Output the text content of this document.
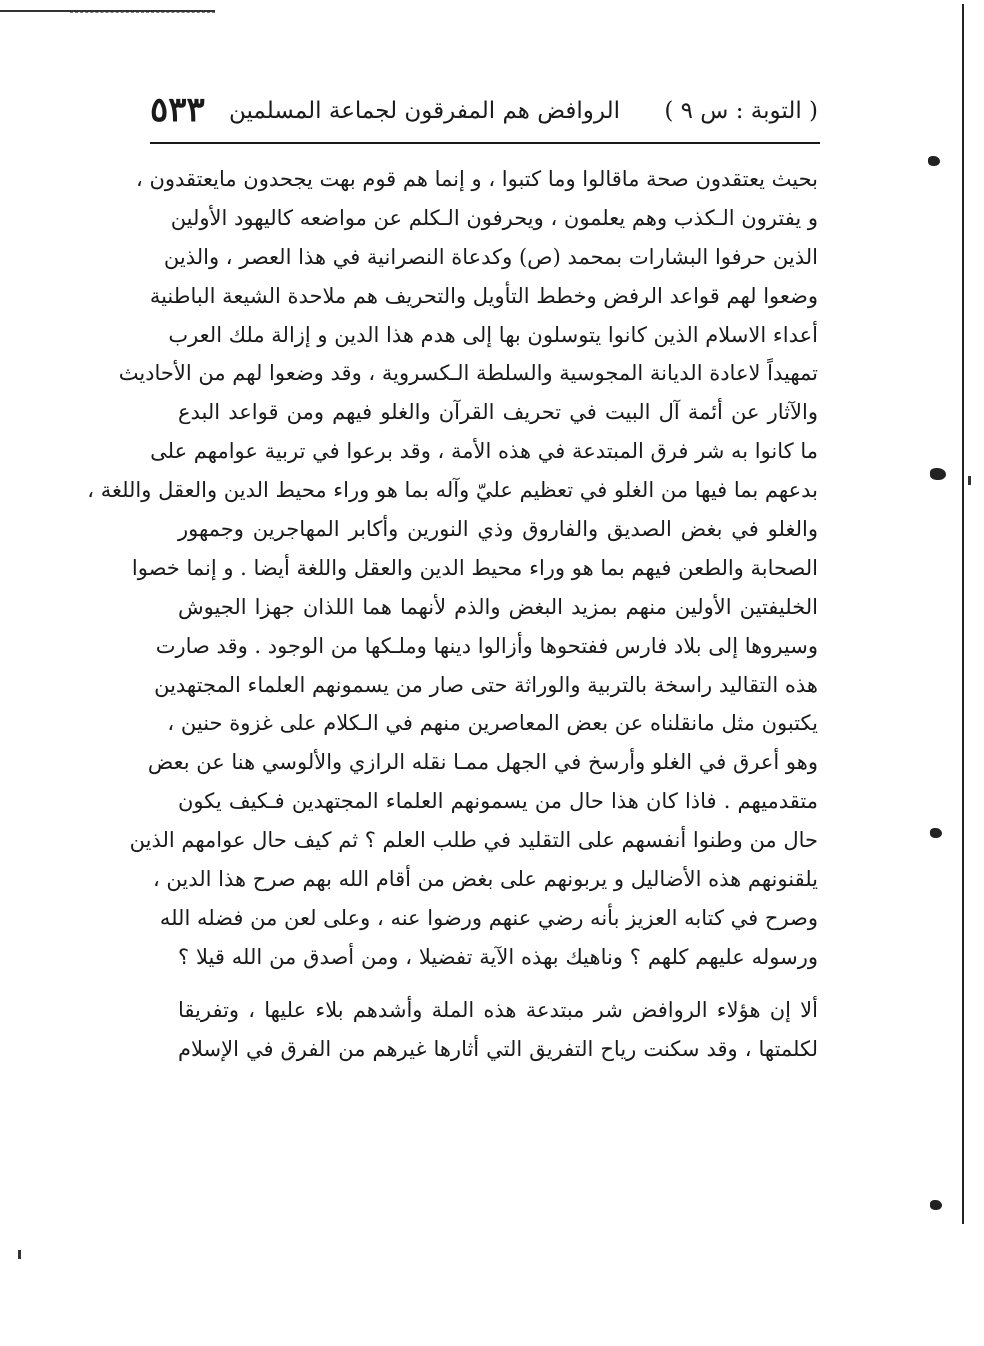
( التوبة : س ٩ )
الروافض هم المفرقون لجماعة المسلمين
٥٣٣
بحيث يعتقدون صحة ماقالوا وما كتبوا ، و إنما هم قوم بهت يجحدون مايعتقدون ،
و يفترون الـكذب وهم يعلمون ، ويحرفون الـكلم عن مواضعه كاليهود الأولين
الذين حرفوا البشارات بمحمد (ص) وكدعاة النصرانية في هذا العصر ، والذين
وضعوا لهم قواعد الرفض وخطط التأويل والتحريف هم ملاحدة الشيعة الباطنية
أعداء الاسلام الذين كانوا يتوسلون بها إلى هدم هذا الدين و إزالة ملك العرب
تمهيداً لاعادة الديانة المجوسية والسلطة الـكسروية ، وقد وضعوا لهم من الأحاديث
والآثار عن أئمة آل البيت في تحريف القرآن والغلو فيهم ومن قواعد البدع
ما كانوا به شر فرق المبتدعة في هذه الأمة ، وقد برعوا في تربية عوامهم على
بدعهم بما فيها من الغلو في تعظيم عليّ وآله بما هو وراء محيط الدين والعقل واللغة ،
والغلو في بغض الصديق والفاروق وذي النورين وأكابر المهاجرين وجمهور
الصحابة والطعن فيهم بما هو وراء محيط الدين والعقل واللغة أيضا . و إنما خصوا
الخليفتين الأولين منهم بمزيد البغض والذم لأنهما هما اللذان جهزا الجيوش
وسيروها إلى بلاد فارس ففتحوها وأزالوا دينها وملـكها من الوجود . وقد صارت
هذه التقاليد راسخة بالتربية والوراثة حتى صار من يسمونهم العلماء المجتهدين
يكتبون مثل مانقلناه عن بعض المعاصرين منهم في الـكلام على غزوة حنين ،
وهو أعرق في الغلو وأرسخ في الجهل ممـا نقله الرازي والألوسي هنا عن بعض
متقدميهم . فاذا كان هذا حال من يسمونهم العلماء المجتهدين فـكيف يكون
حال من وطنوا أنفسهم على التقليد في طلب العلم ؟ ثم كيف حال عوامهم الذين
يلقنونهم هذه الأضاليل و يربونهم على بغض من أقام الله بهم صرح هذا الدين ،
وصرح في كتابه العزيز بأنه رضي عنهم ورضوا عنه ، وعلى لعن من فضله الله
ورسوله عليهم كلهم ؟ وناهيك بهذه الآية تفضيلا ، ومن أصدق من الله قيلا ؟
ألا إن هؤلاء الروافض شر مبتدعة هذه الملة وأشدهم بلاء عليها ، وتفريقا
لكلمتها ، وقد سكنت رياح التفريق التي أثارها غيرهم من الفرق في الإسلام
